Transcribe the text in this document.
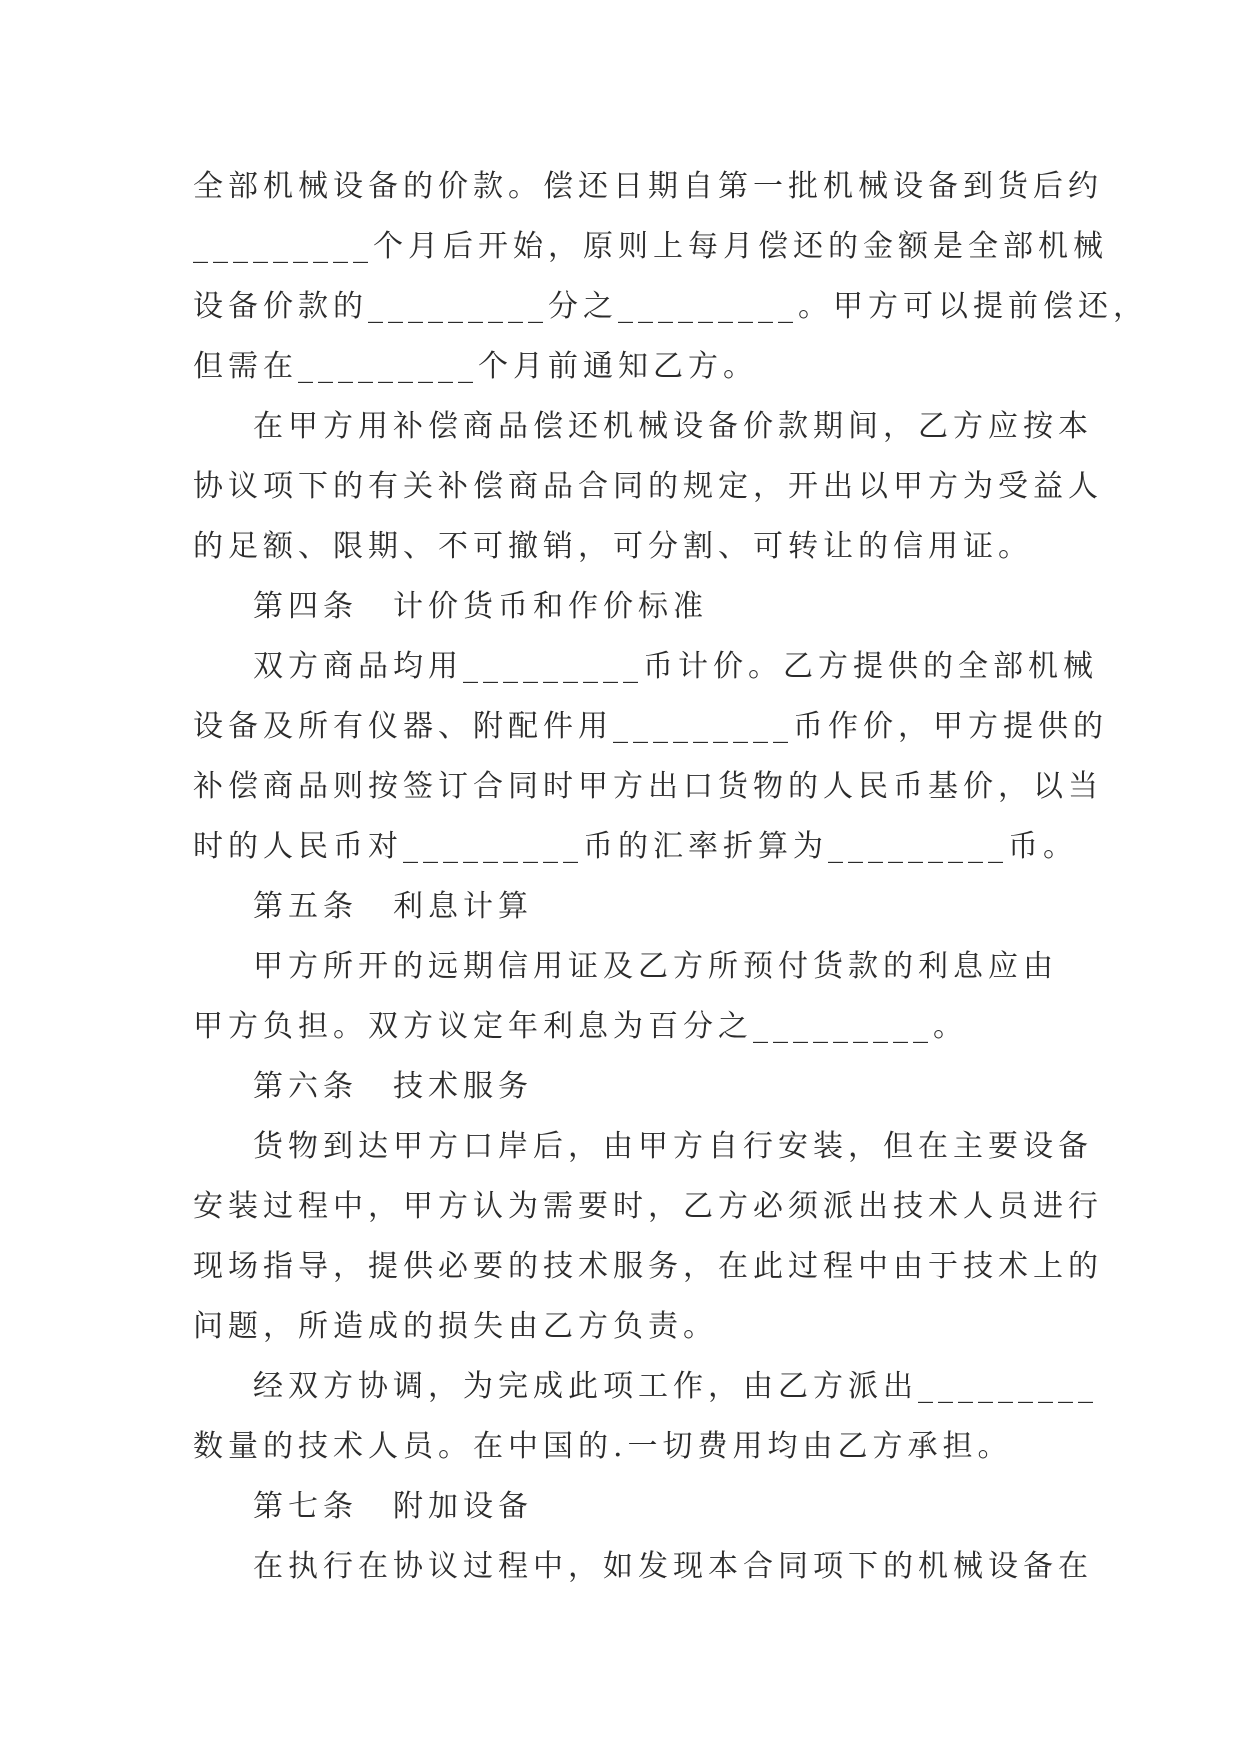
全部机械设备的价款。偿还日期自第一批机械设备到货后约
_________个月后开始，原则上每月偿还的金额是全部机械
设备价款的_________分之_________。甲方可以提前偿还，
但需在_________个月前通知乙方。
在甲方用补偿商品偿还机械设备价款期间，乙方应按本
协议项下的有关补偿商品合同的规定，开出以甲方为受益人
的足额、限期、不可撤销，可分割、可转让的信用证。
第四条　计价货币和作价标准
双方商品均用_________币计价。乙方提供的全部机械
设备及所有仪器、附配件用_________币作价，甲方提供的
补偿商品则按签订合同时甲方出口货物的人民币基价，以当
时的人民币对_________币的汇率折算为_________币。
第五条　利息计算
甲方所开的远期信用证及乙方所预付货款的利息应由
甲方负担。双方议定年利息为百分之_________。
第六条　技术服务
货物到达甲方口岸后，由甲方自行安装，但在主要设备
安装过程中，甲方认为需要时，乙方必须派出技术人员进行
现场指导，提供必要的技术服务，在此过程中由于技术上的
问题，所造成的损失由乙方负责。
经双方协调，为完成此项工作，由乙方派出_________
数量的技术人员。在中国的.一切费用均由乙方承担。
第七条　附加设备
在执行在协议过程中，如发现本合同项下的机械设备在
